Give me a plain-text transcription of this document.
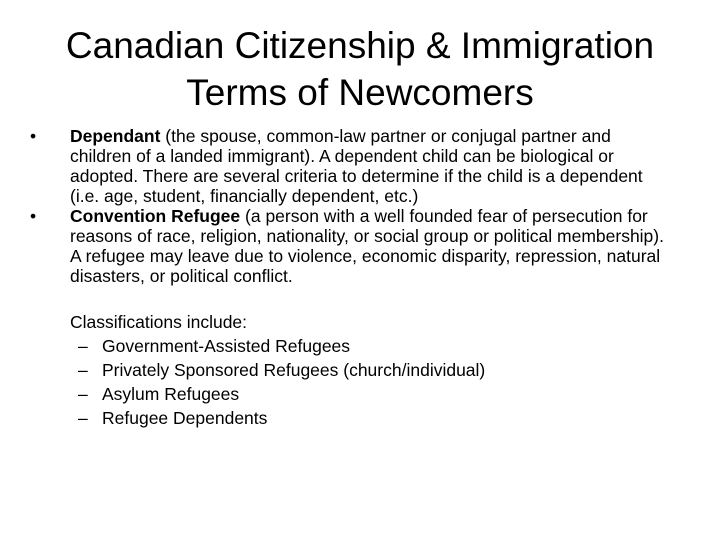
Canadian Citizenship & Immigration
Terms of Newcomers
• Dependant (the spouse, common-law partner or conjugal partner and children of a landed immigrant). A dependent child can be biological or adopted. There are several criteria to determine if the child is a dependent (i.e. age, student, financially dependent, etc.)

• Convention Refugee (a person with a well founded fear of persecution for reasons of race, religion, nationality, or social group or political membership).

A refugee may leave due to violence, economic disparity, repression, natural disasters, or political conflict.

Classifications include:

– Government-Assisted Refugees
– Privately Sponsored Refugees (church/individual)
– Asylum Refugees
– Refugee Dependents
